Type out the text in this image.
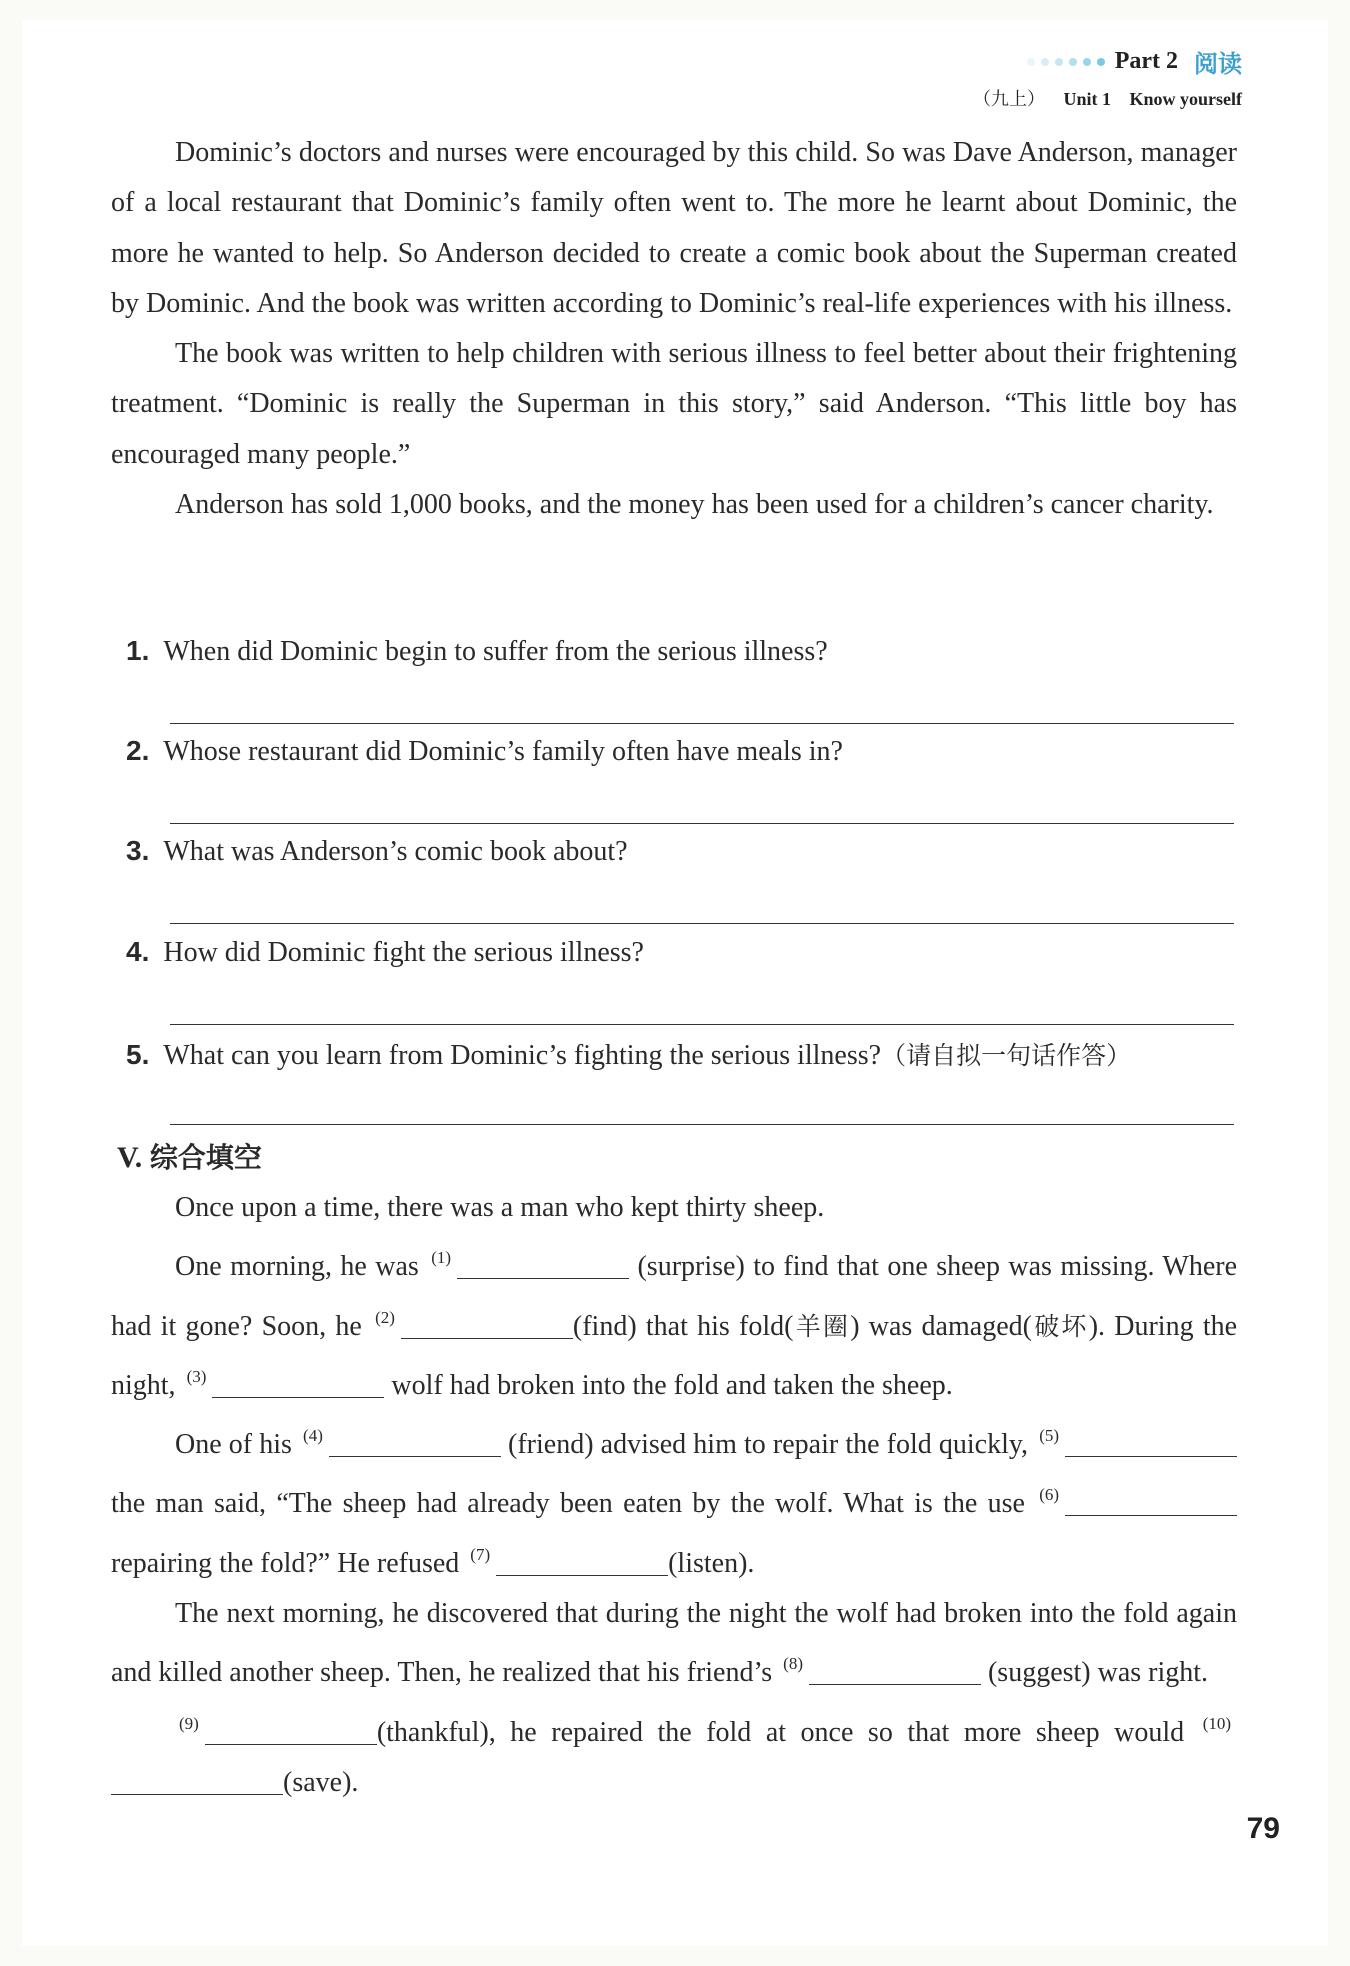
Part 2 阅读
（九上） Unit 1 Know yourself

Dominic’s doctors and nurses were encouraged by this child. So was Dave Anderson, manager of a local restaurant that Dominic’s family often went to. The more he learnt about Dominic, the more he wanted to help. So Anderson decided to create a comic book about the Superman created by Dominic. And the book was written according to Dominic’s real-life experiences with his illness.

The book was written to help children with serious illness to feel better about their frightening treatment. “Dominic is really the Superman in this story,” said Anderson. “This little boy has encouraged many people.”

Anderson has sold 1,000 books, and the money has been used for a children’s cancer charity.

1. When did Dominic begin to suffer from the serious illness?
2. Whose restaurant did Dominic’s family often have meals in?
3. What was Anderson’s comic book about?
4. How did Dominic fight the serious illness?
5. What can you learn from Dominic’s fighting the serious illness?（请自拟一句话作答）
V. 综合填空

Once upon a time, there was a man who kept thirty sheep.

One morning, he was $^{(1)}$	(surprise) to find that one sheep was missing. Where had it gone? Soon, he $^{(2)}$	(find) that his fold(羊圈) was damaged(破坏). During the night, $^{(3)}$	wolf had broken into the fold and taken the sheep.

One of his $^{(4)}$	(friend) advised him to repair the fold quickly, $^{(5)}$ the man said, “The sheep had already been eaten by the wolf. What is the use $^{(6)}$ repairing the fold?” He refused $^{(7)}$	(listen).

The next morning, he discovered that during the night the wolf had broken into the fold again and killed another sheep. Then, he realized that his friend’s $^{(8)}$	(suggest) was right.

$^{(9)}$	(thankful), he repaired the fold at once so that more sheep would $^{(10)}$(save).

79
